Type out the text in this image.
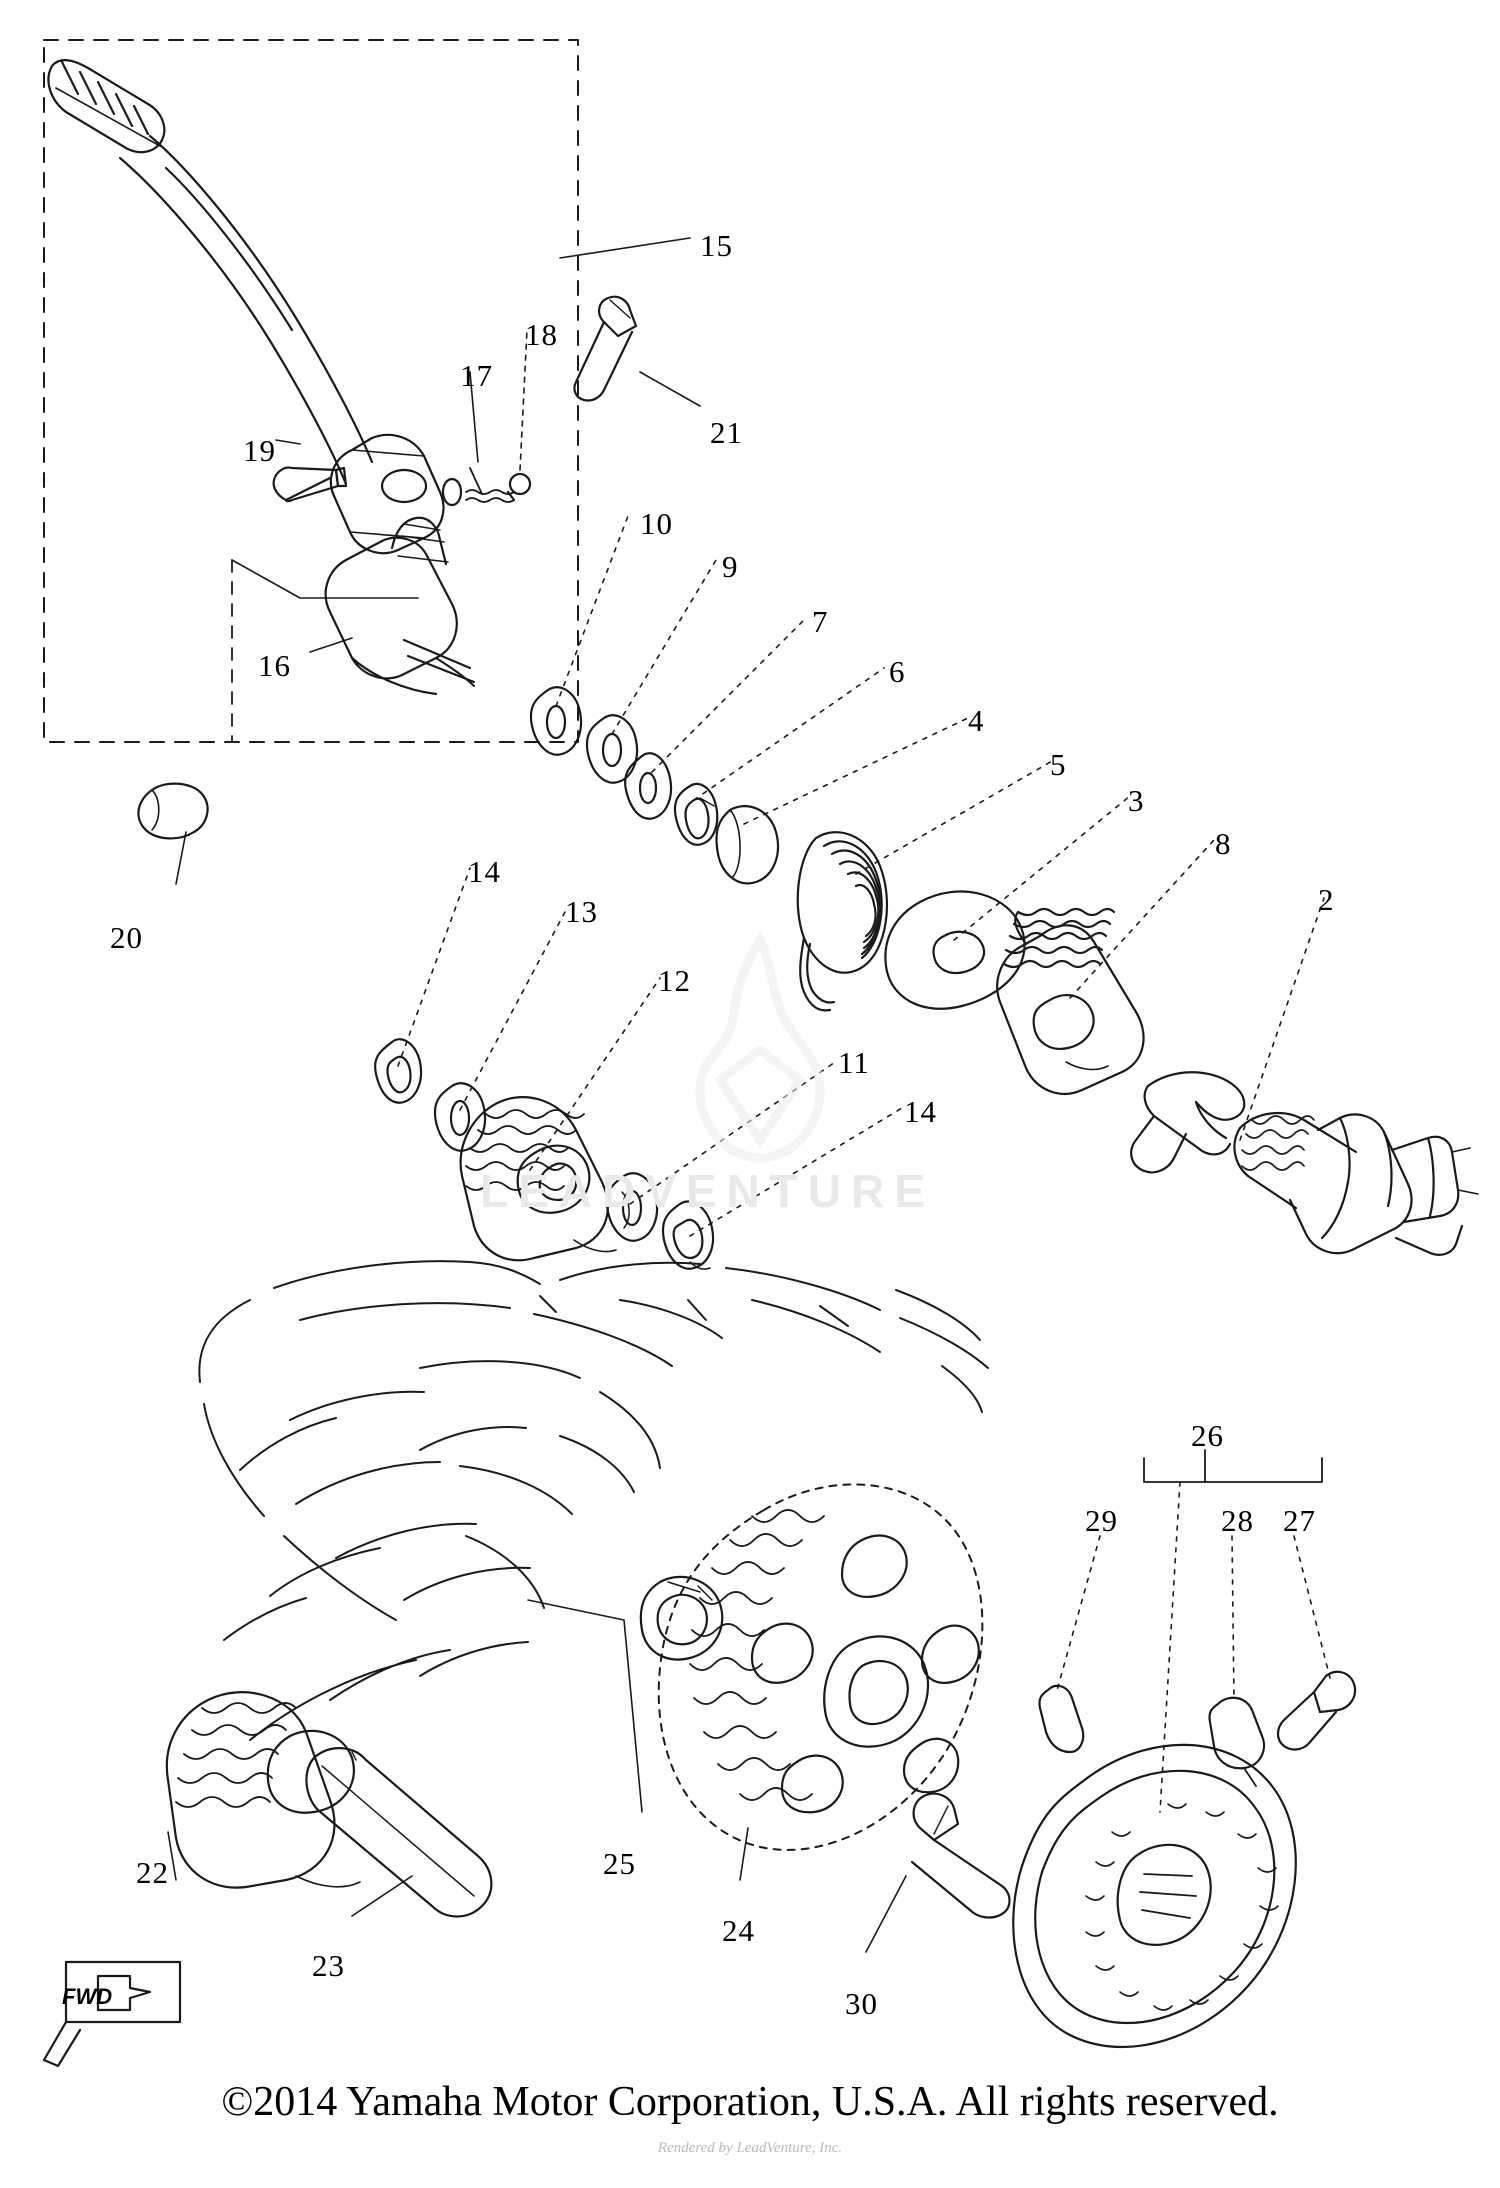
LEADVENTURE
15
18
17
21
19
10
9
7
16	6
4
5
3
8
14
2
20
13
12
11
14
26
29	28 27
22	25
23
24
30
FWD
©2014 Yamaha Motor Corporation, U.S.A. All rights reserved.
Rendered by LeadVenture, Inc.
